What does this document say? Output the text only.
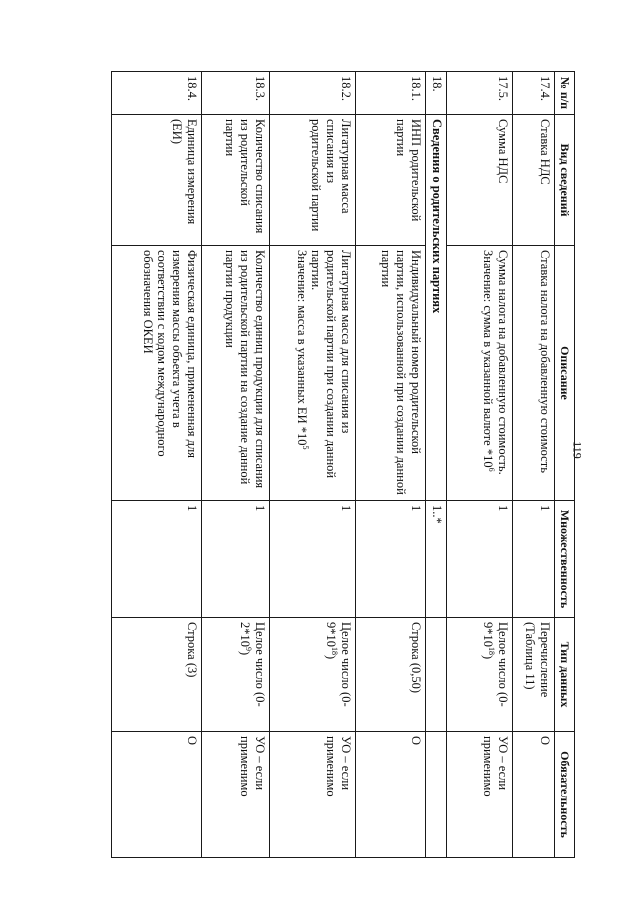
119
№ п/п	Вид сведений	Описание	Множественность	Тип данных	Обязательность
17.4.	Ставка НДС	Ставка налога на добавленную стоимость	1	Перечисление (Таблица 11)	О
17.5.	Сумма НДС	Сумма налога на добавленную стоимость.
Значение: сумма в указанной валюте $*10^6$	1	Целое число $(0-9*10^{18})$	УО – если применимо
18.	Сведения о родительских партиях		1..*		
18.1.	ИНП родительской партии	Индивидуальный номер родительской партии, использованной при создании данной партии	1	Строка (0,50)	О
18.2.	Лигатурная масса списания из родительской партии	Лигатурная масса для списания из родительской партии при создании данной партии.
Значение: масса в указанных ЕИ $*10^5$	1	Целое число $(0-9*10^{18})$	УО – если применимо
18.3.	Количество списания из родительской партии	Количество единиц продукции для списания из родительской партии на создание данной партии продукции	1	Целое число $(0-2*10^9)$	УО – если применимо
18.4.	Единица измерения (ЕИ)	Физическая единица, примененная для измерения массы объекта учета в соответствии с кодом международного обозначения ОКЕИ	1	Строка (3)	О
